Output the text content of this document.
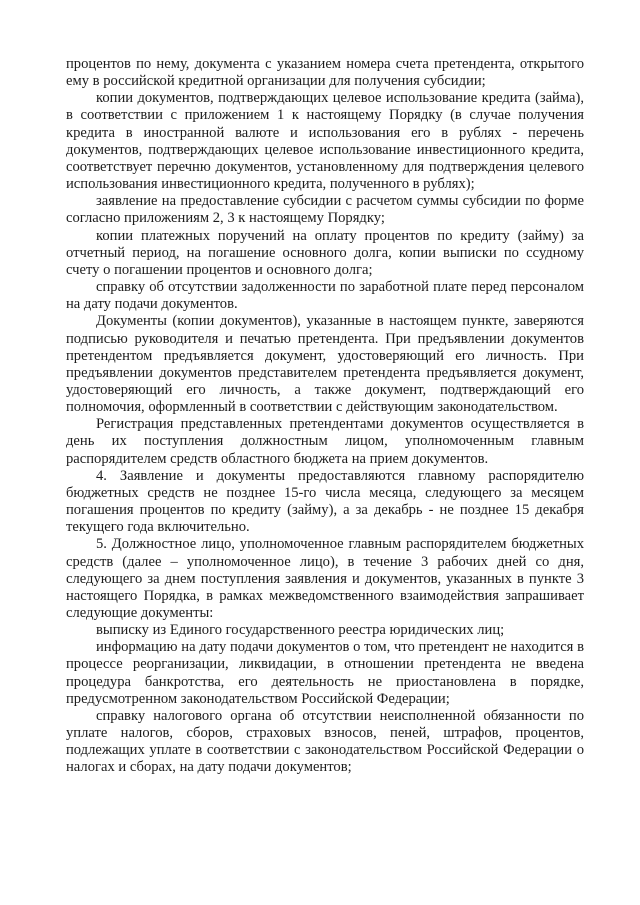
процентов по нему, документа с указанием номера счета претендента, открытого ему в российской кредитной организации для получения субсидии;

копии документов, подтверждающих целевое использование кредита (займа), в соответствии с приложением 1 к настоящему Порядку (в случае получения кредита в иностранной валюте и использования его в рублях - перечень документов, подтверждающих целевое использование инвестиционного кредита, соответствует перечню документов, установленному для подтверждения целевого использования инвестиционного кредита, полученного в рублях);

заявление на предоставление субсидии с расчетом суммы субсидии по форме согласно приложениям 2, 3 к настоящему Порядку;

копии платежных поручений на оплату процентов по кредиту (займу) за отчетный период, на погашение основного долга, копии выписки по ссудному счету о погашении процентов и основного долга;

справку об отсутствии задолженности по заработной плате перед персоналом на дату подачи документов.

Документы (копии документов), указанные в настоящем пункте, заверяются подписью руководителя и печатью претендента. При предъявлении документов претендентом предъявляется документ, удостоверяющий его личность. При предъявлении документов представителем претендента предъявляется документ, удостоверяющий его личность, а также документ, подтверждающий его полномочия, оформленный в соответствии с действующим законодательством.

Регистрация представленных претендентами документов осуществляется в день их поступления должностным лицом, уполномоченным главным распорядителем средств областного бюджета на прием документов.

4. Заявление и документы предоставляются главному распорядителю бюджетных средств не позднее 15-го числа месяца, следующего за месяцем погашения процентов по кредиту (займу), а за декабрь - не позднее 15 декабря текущего года включительно.

5. Должностное лицо, уполномоченное главным распорядителем бюджетных средств (далее – уполномоченное лицо), в течение 3 рабочих дней со дня, следующего за днем поступления заявления и документов, указанных в пункте 3 настоящего Порядка, в рамках межведомственного взаимодействия запрашивает следующие документы:

выписку из Единого государственного реестра юридических лиц;

информацию на дату подачи документов о том, что претендент не находится в процессе реорганизации, ликвидации, в отношении претендента не введена процедура банкротства, его деятельность не приостановлена в порядке, предусмотренном законодательством Российской Федерации;

справку налогового органа об отсутствии неисполненной обязанности по уплате налогов, сборов, страховых взносов, пеней, штрафов, процентов, подлежащих уплате в соответствии с законодательством Российской Федерации о налогах и сборах, на дату подачи документов;
